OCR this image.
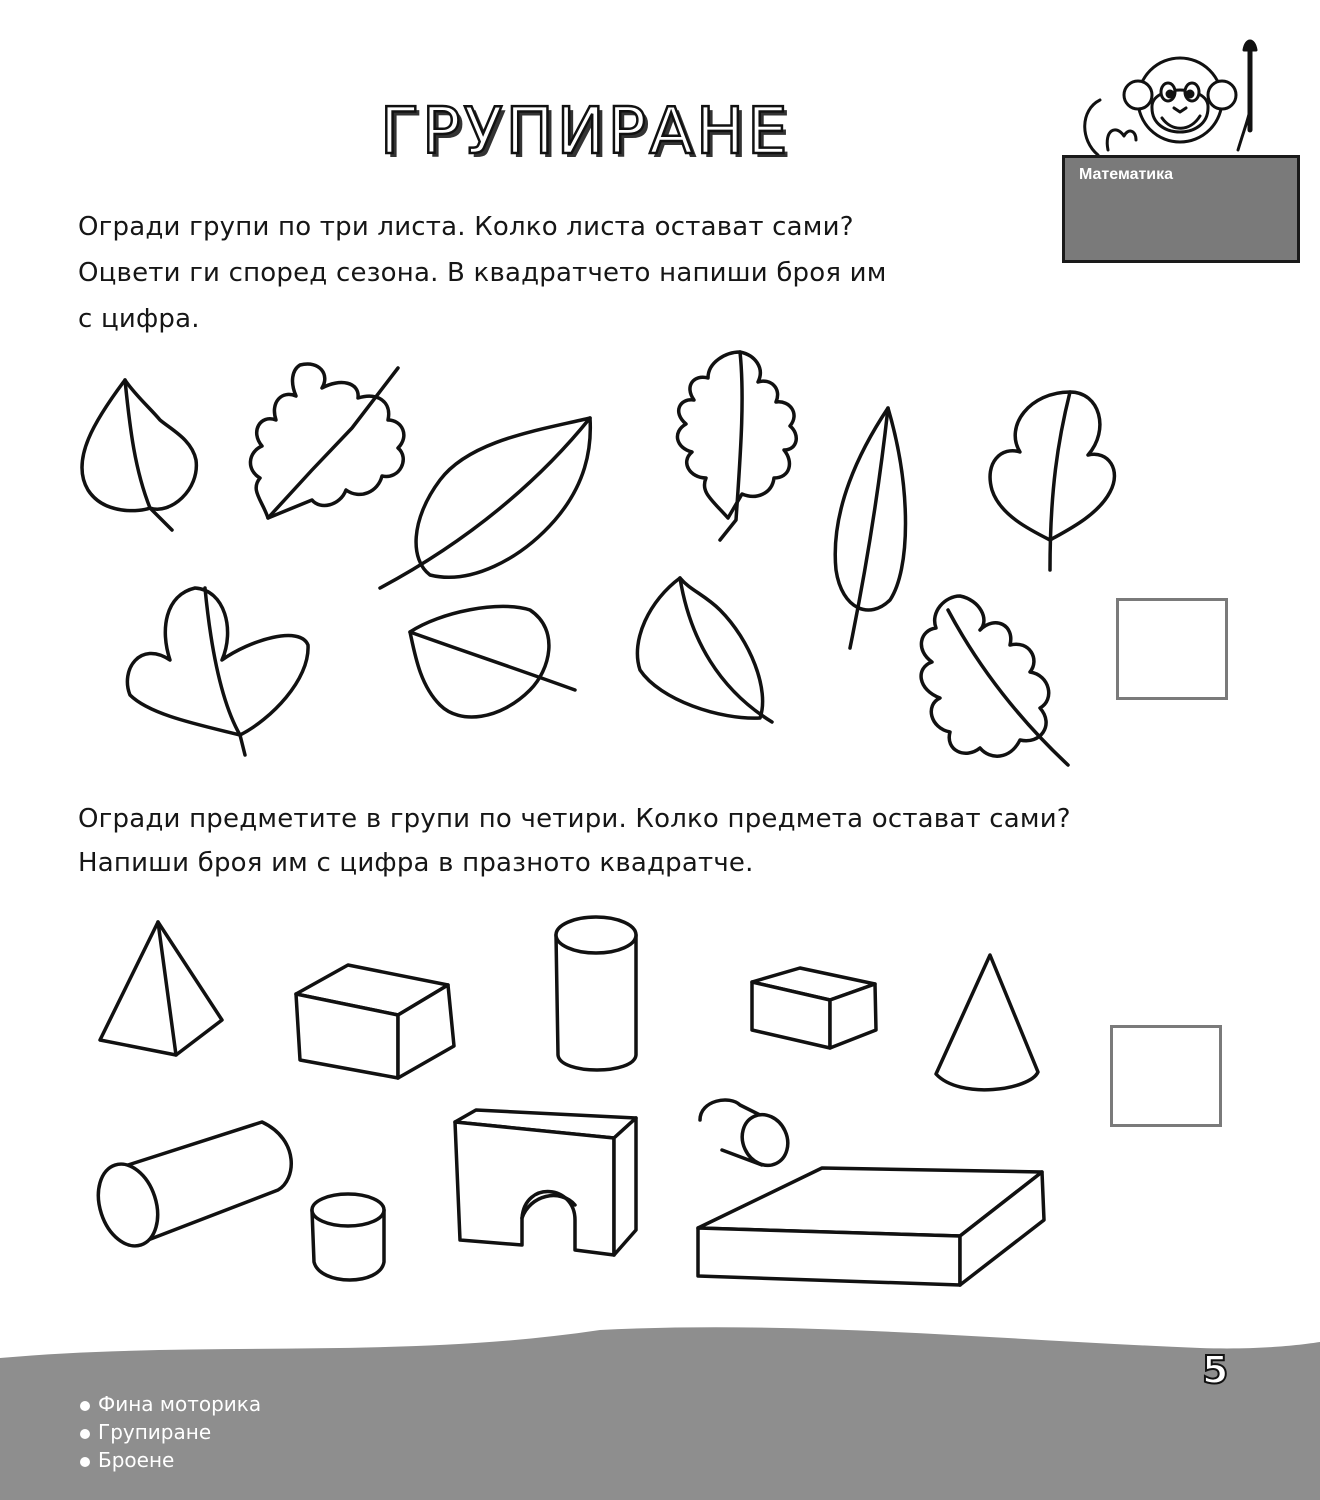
ГРУПИРАНЕ
Математика

Огради групи по три листа. Колко листа остават сами?

Оцвети ги според сезона. В квадратчето напиши броя им

с цифра.

Огради предметите в групи по четири. Колко предмета остават сами?

Напиши броя им с цифра в празното квадратче.

Фина моторика
Групиране
Броене
5
